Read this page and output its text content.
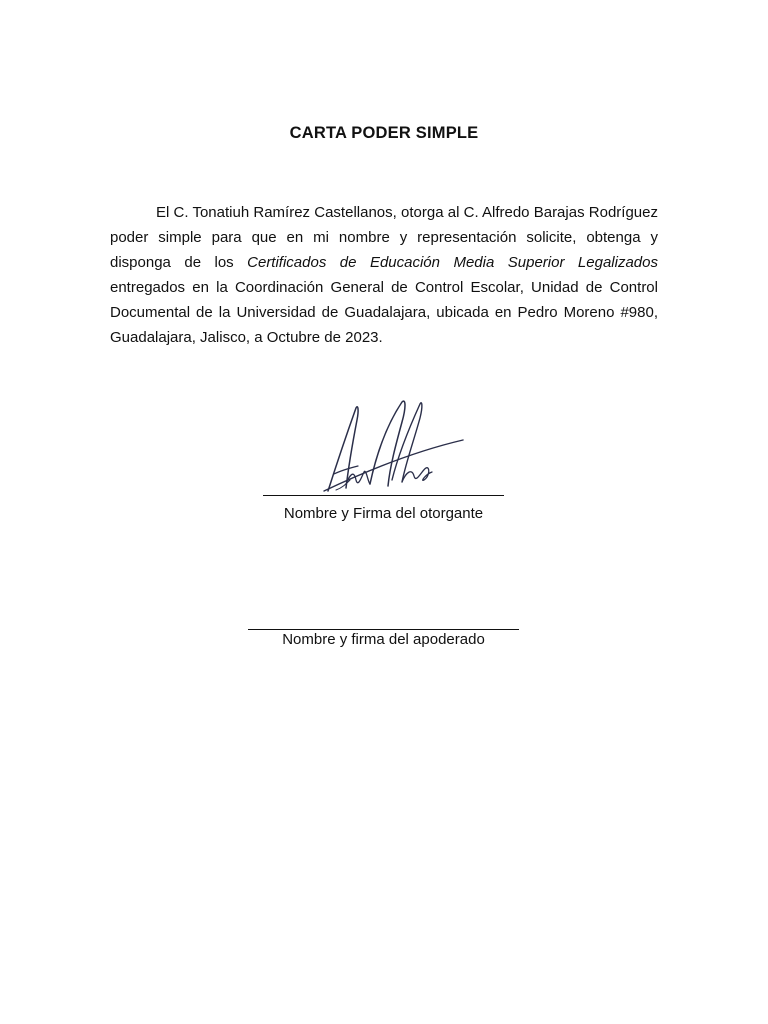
CARTA PODER SIMPLE

El C. Tonatiuh Ramírez Castellanos, otorga al C. Alfredo Barajas Rodríguez poder simple para que en mi nombre y representación solicite, obtenga y disponga de los Certificados de Educación Media Superior Legalizados entregados en la Coordinación General de Control Escolar, Unidad de Control Documental de la Universidad de Guadalajara, ubicada en Pedro Moreno #980, Guadalajara, Jalisco, a Octubre de 2023.

Nombre y Firma del otorgante

Nombre y firma del apoderado
